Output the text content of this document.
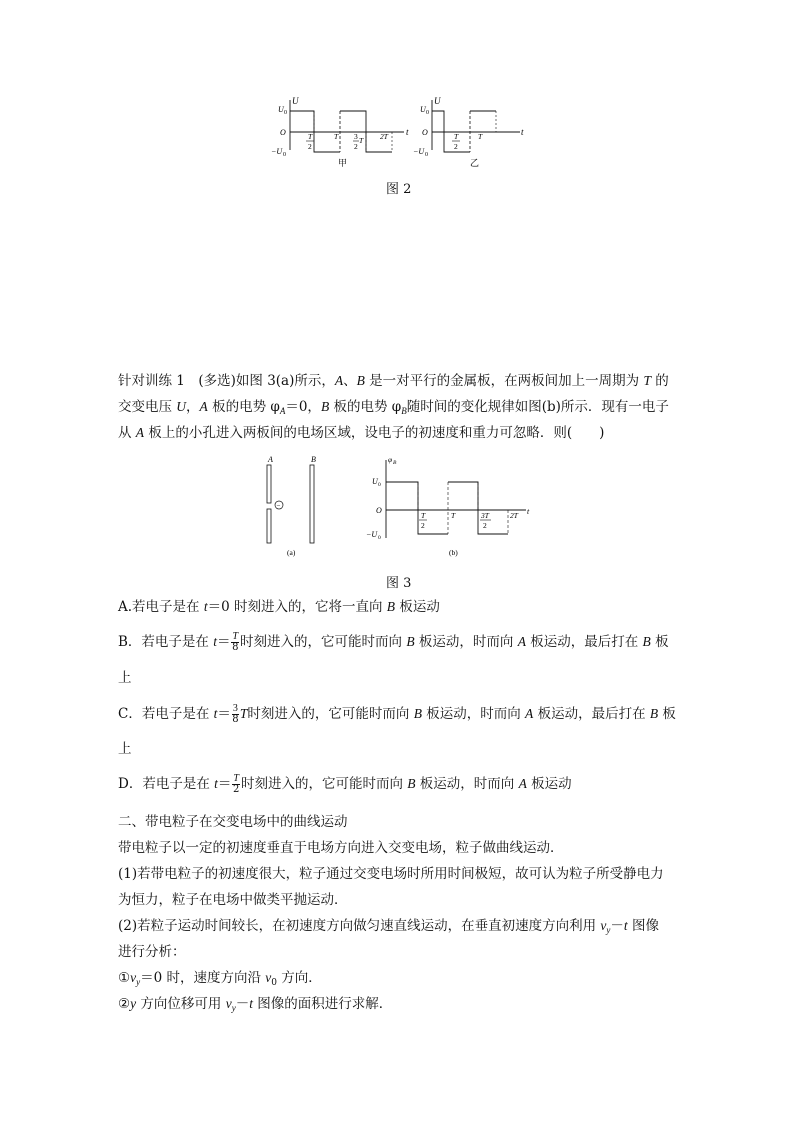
U
t
U 0
O
−U 0
T
2
T 3
2
T 2T
甲
U
t
U 0
O
−U 0
T
2
T
乙
图 2
针对训练 1　(多选)如图 3(a)所示，A、B 是一对平行的金属板，在两板间加上一周期为 T 的
交变电压 U，A 板的电势 $\varphi_A=0$，B 板的电势 $\varphi_B$随时间的变化规律如图(b)所示．现有一电子
从 A 板上的小孔进入两板间的电场区域，设电子的初速度和重力可忽略．则(　　)
A
−
B
(a)
φ B
t
U 0
O
−U 0
T
2
T	3T
2
2T
(b)
图 3
A.若电子是在 t＝0 时刻进入的，它将一直向 B 板运动
B．若电子是在 $t= \frac{T}{8}$ 时刻进入的，它可能时而向 B 板运动，时而向 A 板运动，最后打在 B 板
上
C．若电子是在 $t= \frac{3}{8}$ T时刻进入的，它可能时而向 B 板运动，时而向 A 板运动，最后打在 B 板
上
D．若电子是在 $t= \frac{T}{2}$ 时刻进入的，它可能时而向 B 板运动，时而向 A 板运动
二、带电粒子在交变电场中的曲线运动
带电粒子以一定的初速度垂直于电场方向进入交变电场，粒子做曲线运动．
(1)若带电粒子的初速度很大，粒子通过交变电场时所用时间极短，故可认为粒子所受静电力
为恒力，粒子在电场中做类平抛运动．
(2)若粒子运动时间较长，在初速度方向做匀速直线运动，在垂直初速度方向利用 $v_y-t$ 图像
进行分析：
$①v_y=0$ 时，速度方向沿 $v_0$ 方向．
②y 方向位移可用 $v_y-t$ 图像的面积进行求解．
